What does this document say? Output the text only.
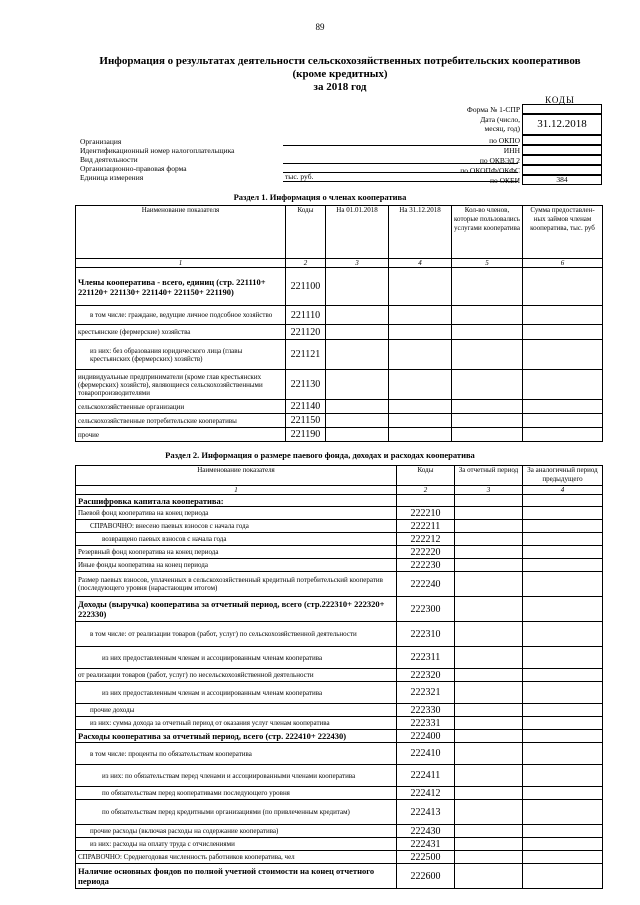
89
Информация о результатах деятельности сельскохозяйственных потребительских кооперативов
(кроме кредитных)
за 2018 год
КОДЫ
Форма № 1-СПР
Дата (число,
месяц, год)	31.12.2018
по ОКПО
ИНН
по ОКВЭД 2
по ОКОПФ/ОКФС
384
по ОКЕИ
Организация
Идентификационный номер налогоплательщика
Вид деятельности
Организационно-правовая форма
Единица измерения	тыс. руб.
Раздел 1. Информация о членах кооператива
Наименование показателя	Коды	На 01.01.2018	На 31.12.2018	Кол-во членов, которые пользовались услугами кооператива	Сумма предоставлен-ных займов членам кооператива, тыс. руб
1	2	3	4	5	6
Члены кооператива - всего, единиц (стр. 221110+ 221120+ 221130+ 221140+ 221150+ 221190)	221100				
в том числе: граждане, ведущие личное подсобное хозяйство	221110				
крестьянские (фермерские) хозяйства	221120				
из них: без образования юридического лица (главы крестьянских (фермерских) хозяйств)	221121				
индивидуальные предприниматели (кроме глав крестьянских (фермерских) хозяйств), являющиеся сельскохозяйственными товаропроизводителями	221130				
сельскохозяйственные организации	221140				
сельскохозяйственные потребительские кооперативы	221150				
прочие	221190				
Раздел 2. Информация о размере паевого фонда, доходах и расходах кооператива
Наименование показателя	Коды	За отчетный период	За аналогичный период предыдущего
1	2	3	4
Расшифровка капитала кооператива:			
Паевой фонд кооператива на конец периода	222210		
СПРАВОЧНО: внесено паевых взносов с начала года	222211		
возвращено паевых взносов с начала года	222212		
Резервный фонд кооператива на конец периода	222220		
Иные фонды кооператива на конец периода	222230		
Размер паевых взносов, уплаченных в сельскохозяйственный кредитный потребительский кооператив (последующего уровня (нарастающим итогом)	222240		
Доходы (выручка) кооператива за отчетный период, всего (стр.222310+ 222320+ 222330)	222300		
в том числе: от реализации товаров (работ, услуг) по сельскохозяйственной деятельности	222310		
из них предоставленным членам и ассоциированным членам кооператива	222311		
от реализации товаров (работ, услуг) по несельскохозяйственной деятельности	222320		
из них предоставленным членам и ассоциированным членам кооператива	222321		
прочие доходы	222330		
из них: сумма дохода за отчетный период от оказания услуг членам кооператива	222331		
Расходы кооператива за отчетный период, всего (стр. 222410+ 222430)	222400		
в том числе: проценты по обязательствам кооператива	222410		
из них: по обязательствам перед членами и ассоциированными членами кооператива	222411		
по обязательствам перед кооперативами последующего уровня	222412		
по обязательствам перед кредитными организациями (по привлеченным кредитам)	222413		
прочие расходы (включая расходы на содержание кооператива)	222430		
из них: расходы на оплату труда с отчислениями	222431		
СПРАВОЧНО: Среднегодовая численность работников кооператива, чел	222500		
Наличие основных фондов по полной учетной стоимости на конец отчетного периода	222600		
